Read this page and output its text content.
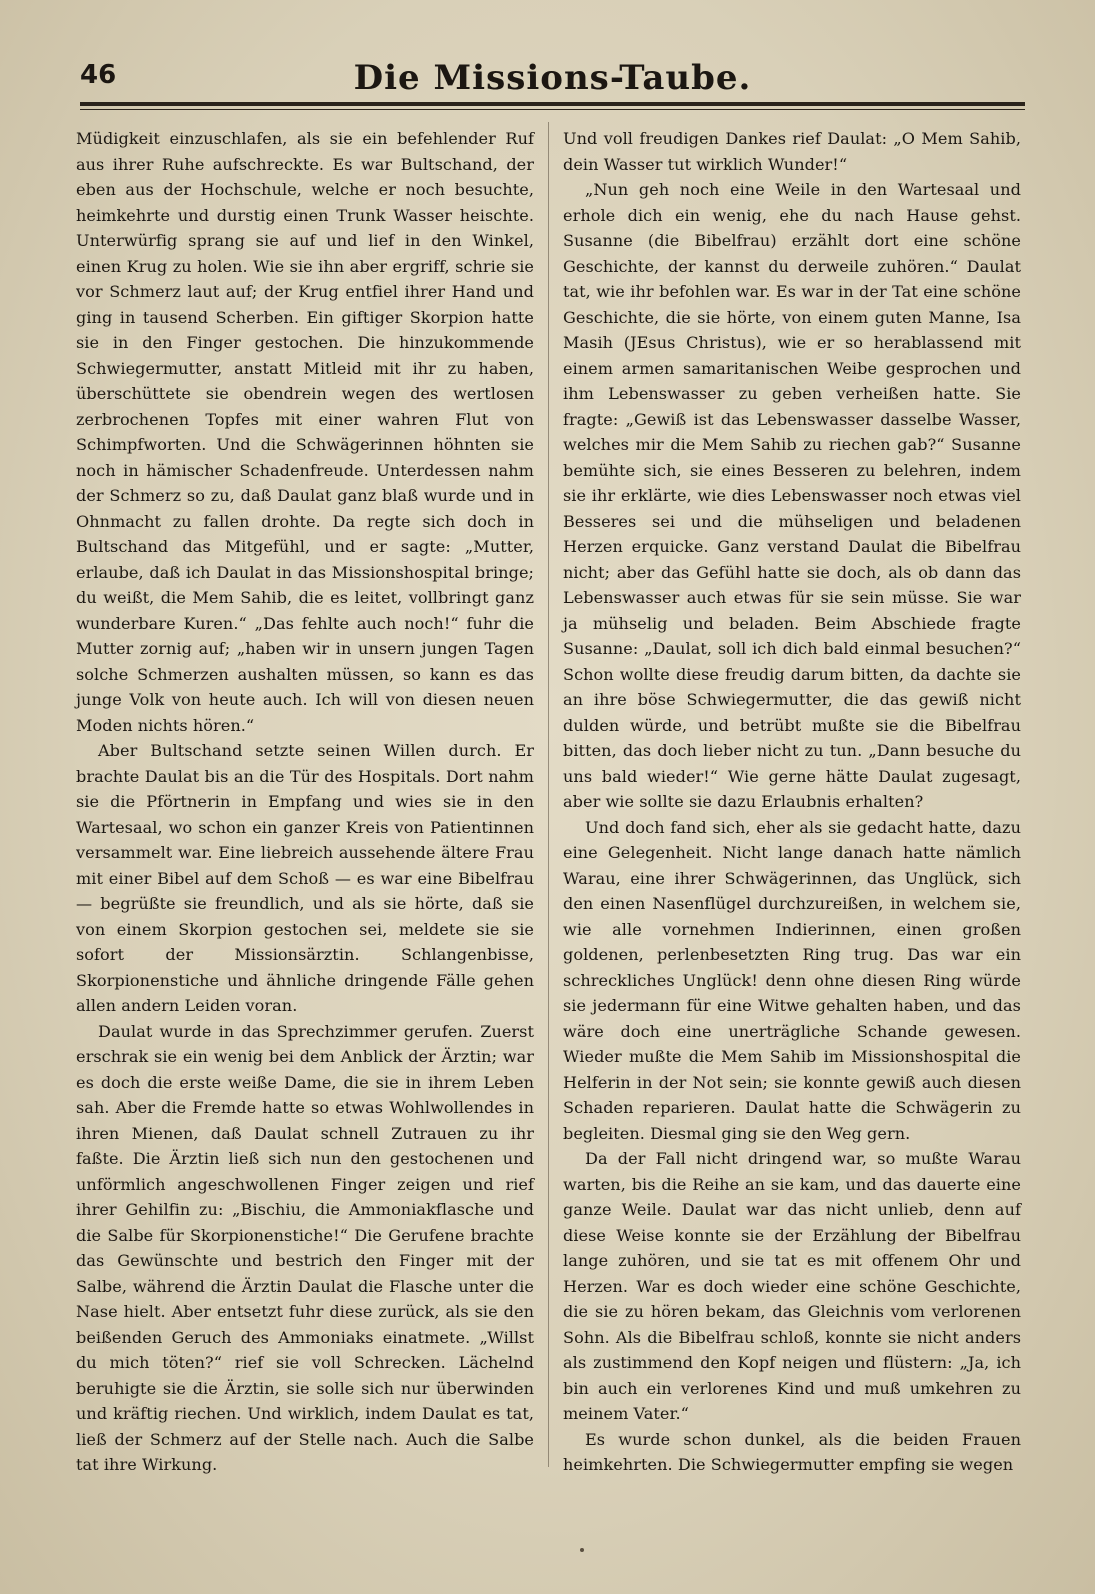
46	Die Missions-Taube.

Müdigkeit einzuschlafen, als sie ein befehlender Ruf aus ihrer Ruhe aufschreckte. Es war Bultschand, der eben aus der Hochschule, welche er noch besuchte, heimkehrte und durstig einen Trunk Wasser heischte. Unterwürfig sprang sie auf und lief in den Winkel, einen Krug zu holen. Wie sie ihn aber ergriff, schrie sie vor Schmerz laut auf; der Krug entfiel ihrer Hand und ging in tausend Scherben. Ein giftiger Skorpion hatte sie in den Finger gestochen. Die hinzukommende Schwiegermutter, anstatt Mitleid mit ihr zu haben, überschüttete sie obendrein wegen des wertlosen zerbrochenen Topfes mit einer wahren Flut von Schimpfworten. Und die Schwägerinnen höhnten sie noch in hämischer Schadenfreude. Unterdessen nahm der Schmerz so zu, daß Daulat ganz blaß wurde und in Ohnmacht zu fallen drohte. Da regte sich doch in Bultschand das Mitgefühl, und er sagte: „Mutter, erlaube, daß ich Daulat in das Missionshospital bringe; du weißt, die Mem Sahib, die es leitet, vollbringt ganz wunderbare Kuren.“ „Das fehlte auch noch!“ fuhr die Mutter zornig auf; „haben wir in unsern jungen Tagen solche Schmerzen aushalten müssen, so kann es das junge Volk von heute auch. Ich will von diesen neuen Moden nichts hören.“

Aber Bultschand setzte seinen Willen durch. Er brachte Daulat bis an die Tür des Hospitals. Dort nahm sie die Pförtnerin in Empfang und wies sie in den Wartesaal, wo schon ein ganzer Kreis von Patientinnen versammelt war. Eine liebreich aussehende ältere Frau mit einer Bibel auf dem Schoß — es war eine Bibelfrau — begrüßte sie freundlich, und als sie hörte, daß sie von einem Skorpion gestochen sei, meldete sie sie sofort der Missionsärztin. Schlangenbisse, Skorpionenstiche und ähnliche dringende Fälle gehen allen andern Leiden voran.

Daulat wurde in das Sprechzimmer gerufen. Zuerst erschrak sie ein wenig bei dem Anblick der Ärztin; war es doch die erste weiße Dame, die sie in ihrem Leben sah. Aber die Fremde hatte so etwas Wohlwollendes in ihren Mienen, daß Daulat schnell Zutrauen zu ihr faßte. Die Ärztin ließ sich nun den gestochenen und unförmlich angeschwollenen Finger zeigen und rief ihrer Gehilfin zu: „Bischiu, die Ammoniakflasche und die Salbe für Skorpionenstiche!“ Die Gerufene brachte das Gewünschte und bestrich den Finger mit der Salbe, während die Ärztin Daulat die Flasche unter die Nase hielt. Aber entsetzt fuhr diese zurück, als sie den beißenden Geruch des Ammoniaks einatmete. „Willst du mich töten?“ rief sie voll Schrecken. Lächelnd beruhigte sie die Ärztin, sie solle sich nur überwinden und kräftig riechen. Und wirklich, indem Daulat es tat, ließ der Schmerz auf der Stelle nach. Auch die Salbe tat ihre Wirkung.

Und voll freudigen Dankes rief Daulat: „O Mem Sahib, dein Wasser tut wirklich Wunder!“

„Nun geh noch eine Weile in den Wartesaal und erhole dich ein wenig, ehe du nach Hause gehst. Susanne (die Bibelfrau) erzählt dort eine schöne Geschichte, der kannst du derweile zuhören.“ Daulat tat, wie ihr befohlen war. Es war in der Tat eine schöne Geschichte, die sie hörte, von einem guten Manne, Isa Masih (JEsus Christus), wie er so herablassend mit einem armen samaritanischen Weibe gesprochen und ihm Lebenswasser zu geben verheißen hatte. Sie fragte: „Gewiß ist das Lebenswasser dasselbe Wasser, welches mir die Mem Sahib zu riechen gab?“ Susanne bemühte sich, sie eines Besseren zu belehren, indem sie ihr erklärte, wie dies Lebenswasser noch etwas viel Besseres sei und die mühseligen und beladenen Herzen erquicke. Ganz verstand Daulat die Bibelfrau nicht; aber das Gefühl hatte sie doch, als ob dann das Lebenswasser auch etwas für sie sein müsse. Sie war ja mühselig und beladen. Beim Abschiede fragte Susanne: „Daulat, soll ich dich bald einmal besuchen?“ Schon wollte diese freudig darum bitten, da dachte sie an ihre böse Schwiegermutter, die das gewiß nicht dulden würde, und betrübt mußte sie die Bibelfrau bitten, das doch lieber nicht zu tun. „Dann besuche du uns bald wieder!“ Wie gerne hätte Daulat zugesagt, aber wie sollte sie dazu Erlaubnis erhalten?

Und doch fand sich, eher als sie gedacht hatte, dazu eine Gelegenheit. Nicht lange danach hatte nämlich Warau, eine ihrer Schwägerinnen, das Unglück, sich den einen Nasenflügel durchzureißen, in welchem sie, wie alle vornehmen Indierinnen, einen großen goldenen, perlenbesetzten Ring trug. Das war ein schreckliches Unglück! denn ohne diesen Ring würde sie jedermann für eine Witwe gehalten haben, und das wäre doch eine unerträgliche Schande gewesen. Wieder mußte die Mem Sahib im Missionshospital die Helferin in der Not sein; sie konnte gewiß auch diesen Schaden reparieren. Daulat hatte die Schwägerin zu begleiten. Diesmal ging sie den Weg gern.

Da der Fall nicht dringend war, so mußte Warau warten, bis die Reihe an sie kam, und das dauerte eine ganze Weile. Daulat war das nicht unlieb, denn auf diese Weise konnte sie der Erzählung der Bibelfrau lange zuhören, und sie tat es mit offenem Ohr und Herzen. War es doch wieder eine schöne Geschichte, die sie zu hören bekam, das Gleichnis vom verlorenen Sohn. Als die Bibelfrau schloß, konnte sie nicht anders als zustimmend den Kopf neigen und flüstern: „Ja, ich bin auch ein verlorenes Kind und muß umkehren zu meinem Vater.“

Es wurde schon dunkel, als die beiden Frauen heimkehrten. Die Schwiegermutter empfing sie wegen
